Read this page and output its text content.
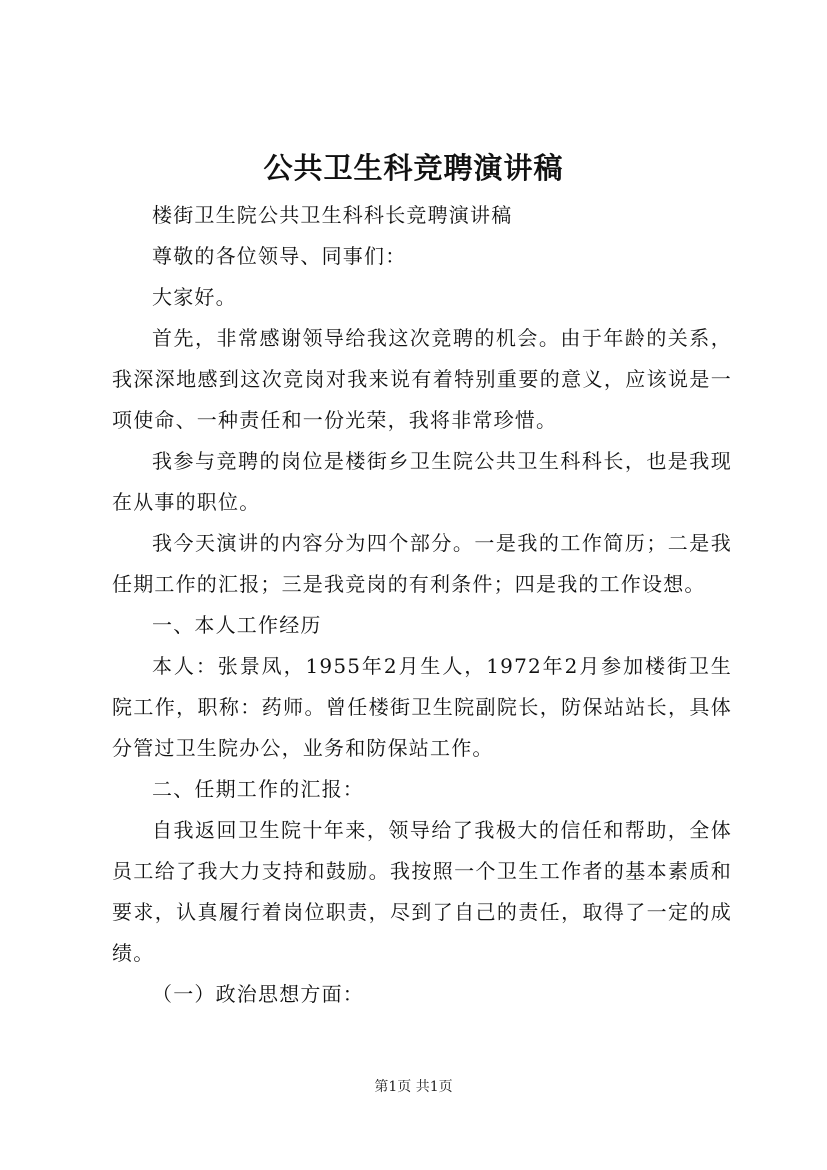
公共卫生科竞聘演讲稿

楼街卫生院公共卫生科科长竞聘演讲稿

尊敬的各位领导、同事们：

大家好。

首先，非常感谢领导给我这次竞聘的机会。由于年龄的关系，我深深地感到这次竞岗对我来说有着特别重要的意义，应该说是一项使命、一种责任和一份光荣，我将非常珍惜。

我参与竞聘的岗位是楼街乡卫生院公共卫生科科长，也是我现在从事的职位。

我今天演讲的内容分为四个部分。一是我的工作简历；二是我任期工作的汇报；三是我竞岗的有利条件；四是我的工作设想。

一、本人工作经历

本人：张景凤，1955年2月生人，1972年2月参加楼街卫生院工作，职称：药师。曾任楼街卫生院副院长，防保站站长，具体分管过卫生院办公，业务和防保站工作。

二、任期工作的汇报：

自我返回卫生院十年来，领导给了我极大的信任和帮助，全体员工给了我大力支持和鼓励。我按照一个卫生工作者的基本素质和要求，认真履行着岗位职责，尽到了自己的责任，取得了一定的成绩。

（一）政治思想方面：

第1页 共1页
